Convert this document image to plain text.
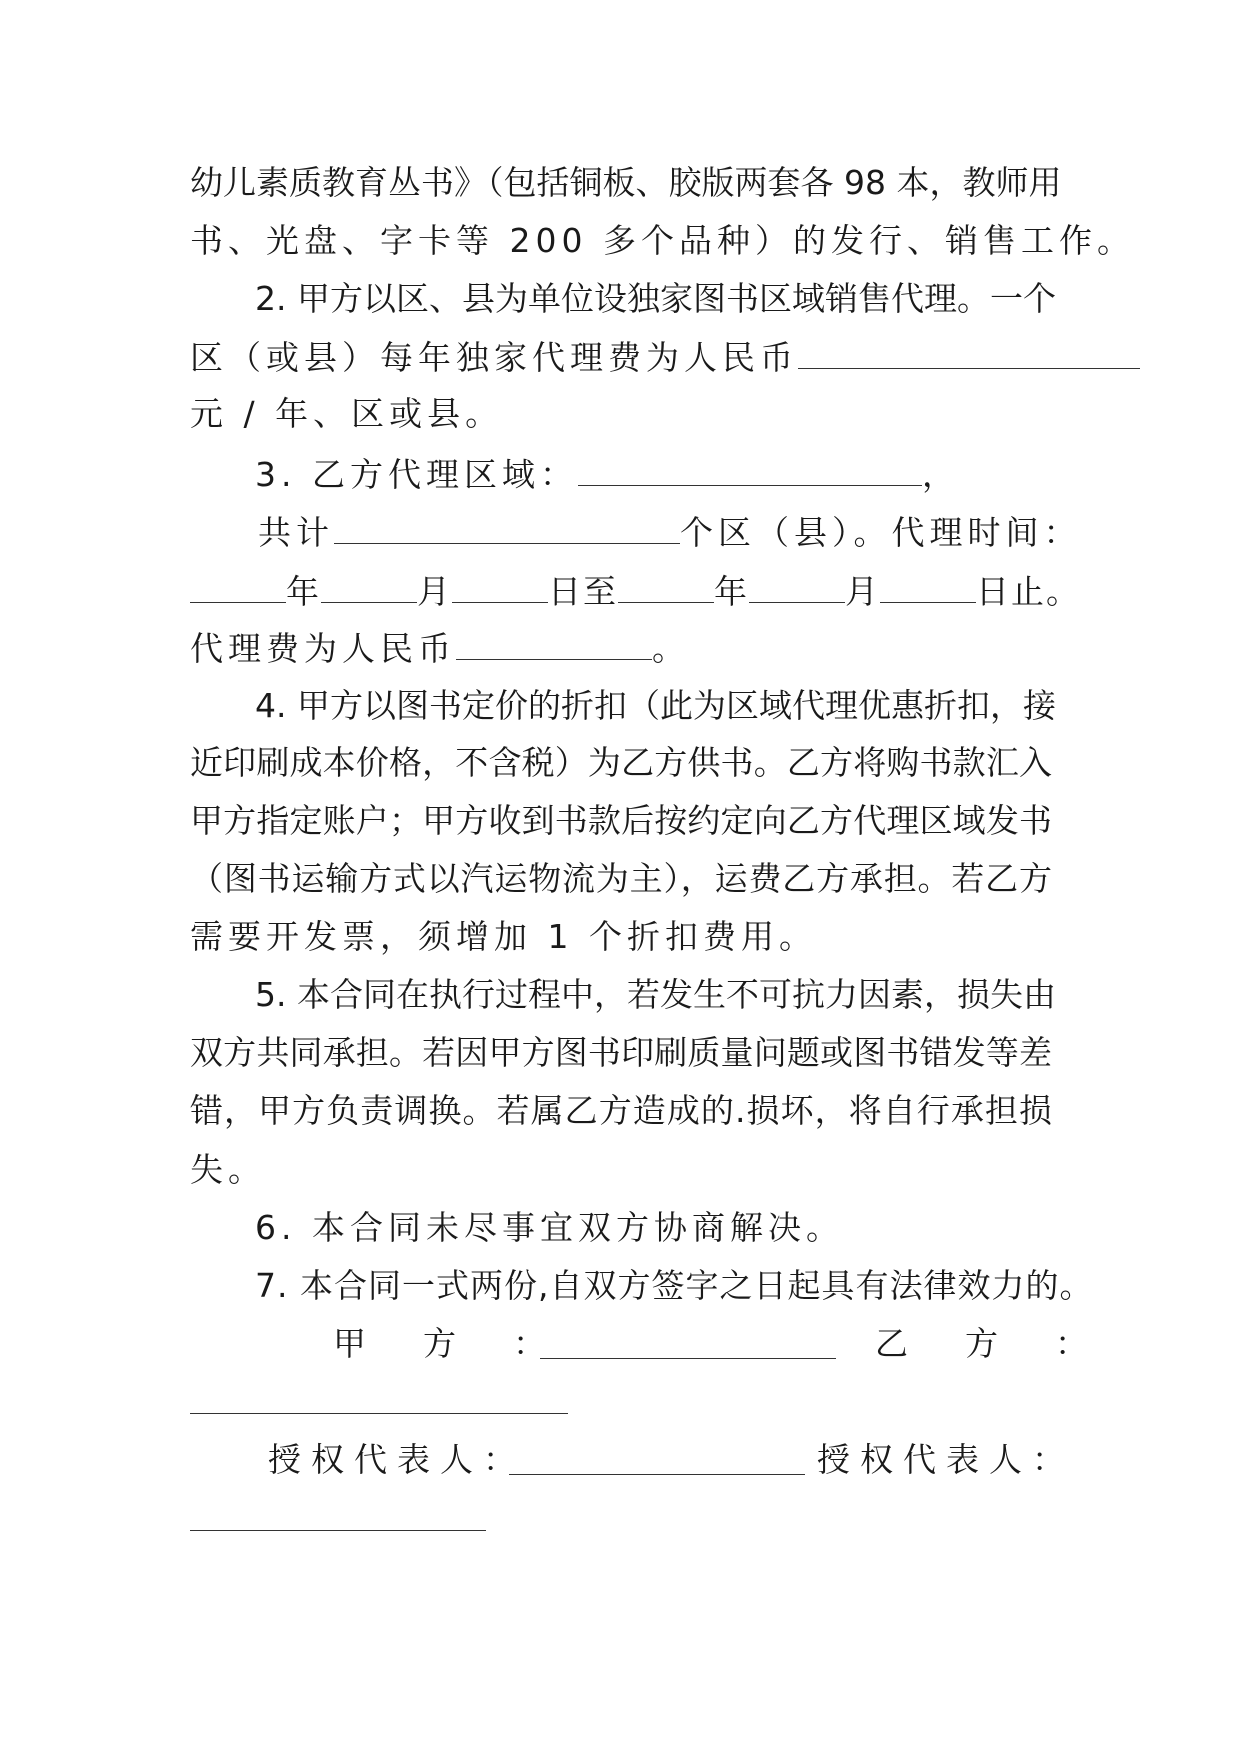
幼儿素质教育丛书》（包括铜板、胶版两套各 98 本，教师用
书、光盘、字卡等 200 多个品种）的发行、销售工作。
2. 甲方以区、县为单位设独家图书区域销售代理。一个
区（或县）每年独家代理费为人民币
元 / 年、区或县。
3. 乙方代理区域：	，
共计	个区（县）。代理时间：
年	月	日至	年	月	日止。
代理费为人民币	。
4. 甲方以图书定价的折扣（此为区域代理优惠折扣，接
近印刷成本价格，不含税）为乙方供书。乙方将购书款汇入
甲方指定账户；甲方收到书款后按约定向乙方代理区域发书
（图书运输方式以汽运物流为主），运费乙方承担。若乙方
需要开发票，须增加 1 个折扣费用。
5. 本合同在执行过程中，若发生不可抗力因素，损失由
双方共同承担。若因甲方图书印刷质量问题或图书错发等差
错，甲方负责调换。若属乙方造成的.损坏，将自行承担损
失。
6. 本合同未尽事宜双方协商解决。
7. 本合同一式两份,自双方签字之日起具有法律效力的。
甲　方　：	乙　方　：
授权代表人：	授权代表人：
